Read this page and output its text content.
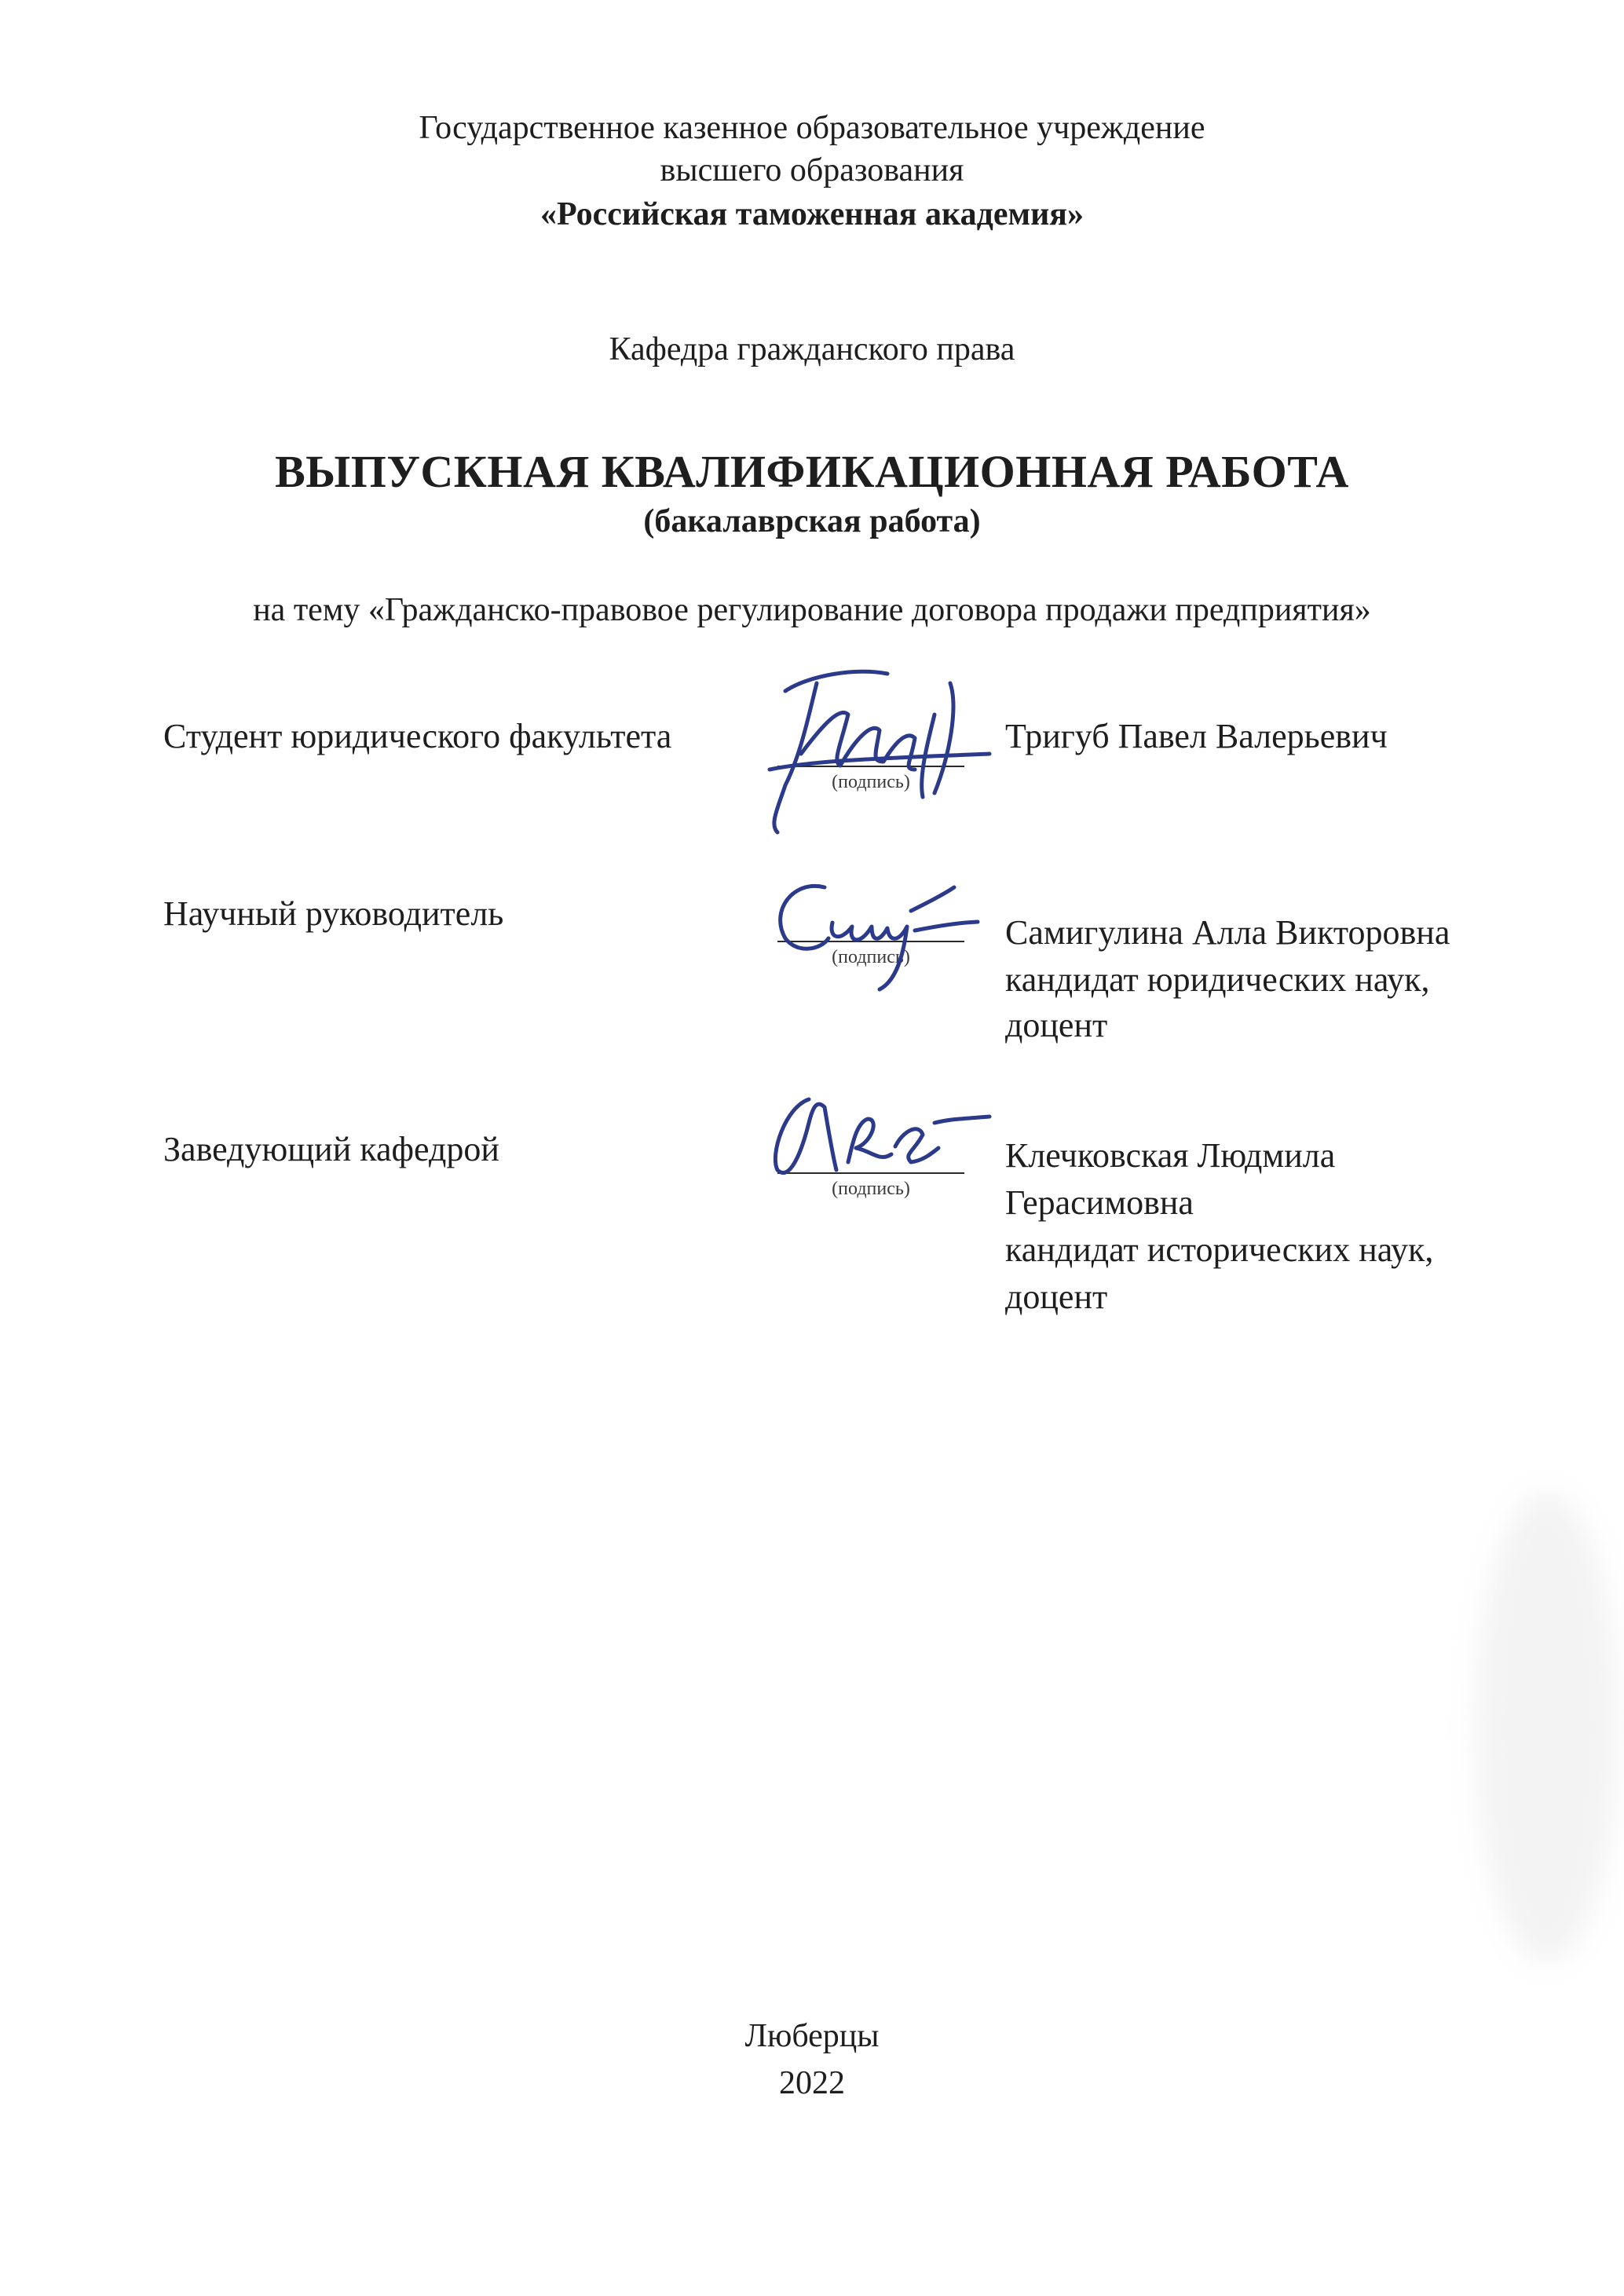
Государственное казенное образовательное учреждение
высшего образования
«Российская таможенная академия»
Кафедра гражданского права
ВЫПУСКНАЯ КВАЛИФИКАЦИОННАЯ РАБОТА
(бакалаврская работа)
на тему «Гражданско-правовое регулирование договора продажи предприятия»
Студент юридического факультета
(подпись)
Тригуб Павел Валерьевич
Научный руководитель
(подпись)
Самигулина Алла Викторовна
кандидат юридических наук,
доцент
Заведующий кафедрой
(подпись)
Клечковская Людмила
Герасимовна
кандидат исторических наук,
доцент
Люберцы
2022
